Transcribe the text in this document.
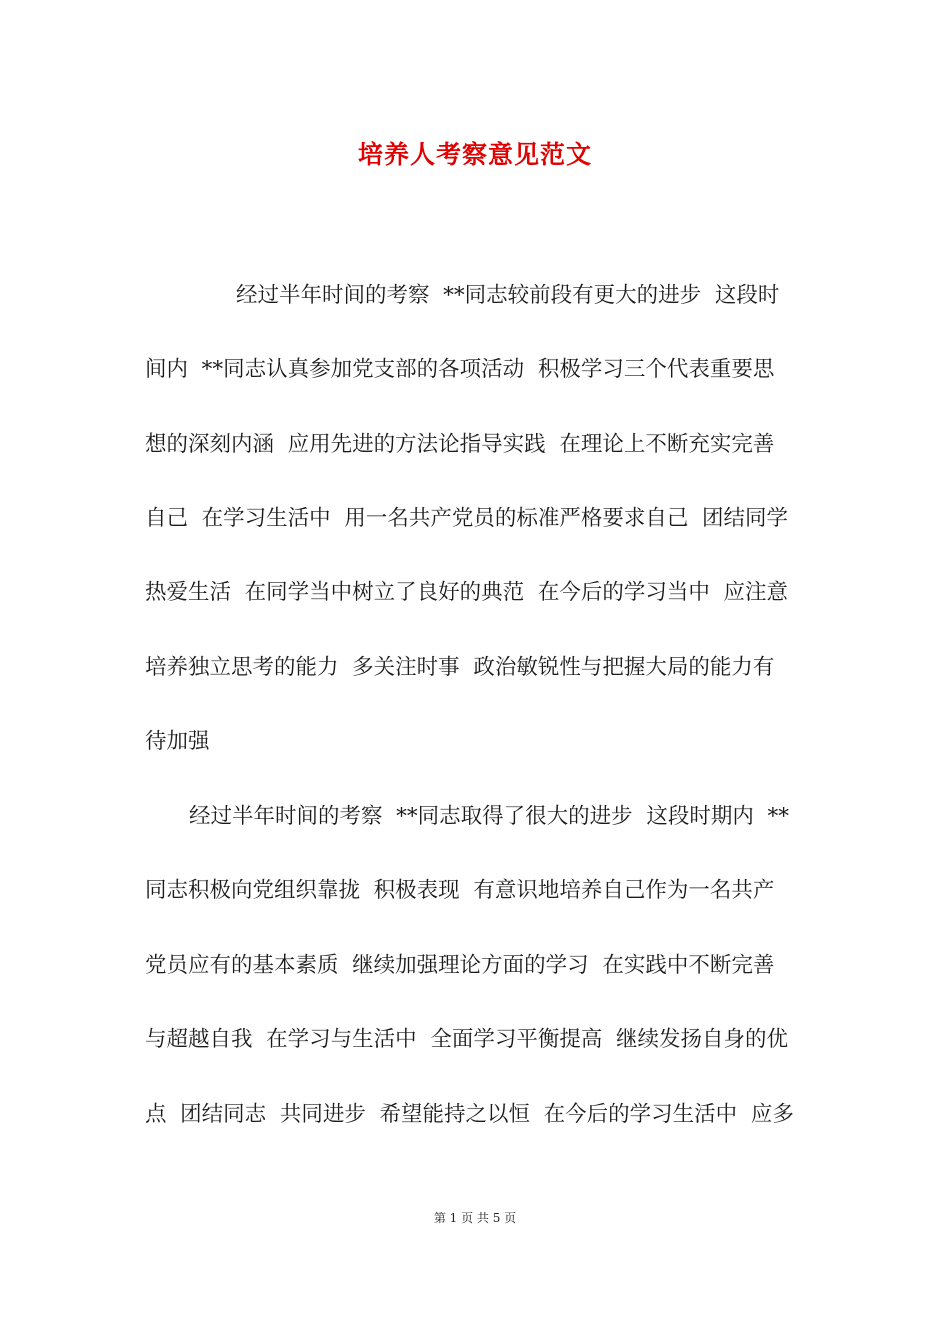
培养人考察意见范文
经过半年时间的考察  **同志较前段有更大的进步  这段时
间内  **同志认真参加党支部的各项活动  积极学习三个代表重要思
想的深刻内涵  应用先进的方法论指导实践  在理论上不断充实完善
自己  在学习生活中  用一名共产党员的标准严格要求自己  团结同学
热爱生活  在同学当中树立了良好的典范  在今后的学习当中  应注意
培养独立思考的能力  多关注时事  政治敏锐性与把握大局的能力有
待加强
经过半年时间的考察  **同志取得了很大的进步  这段时期内  **
同志积极向党组织靠拢  积极表现  有意识地培养自己作为一名共产
党员应有的基本素质  继续加强理论方面的学习  在实践中不断完善
与超越自我  在学习与生活中  全面学习平衡提高  继续发扬自身的优
点  团结同志  共同进步  希望能持之以恒  在今后的学习生活中  应多
第 1 页 共 5 页
